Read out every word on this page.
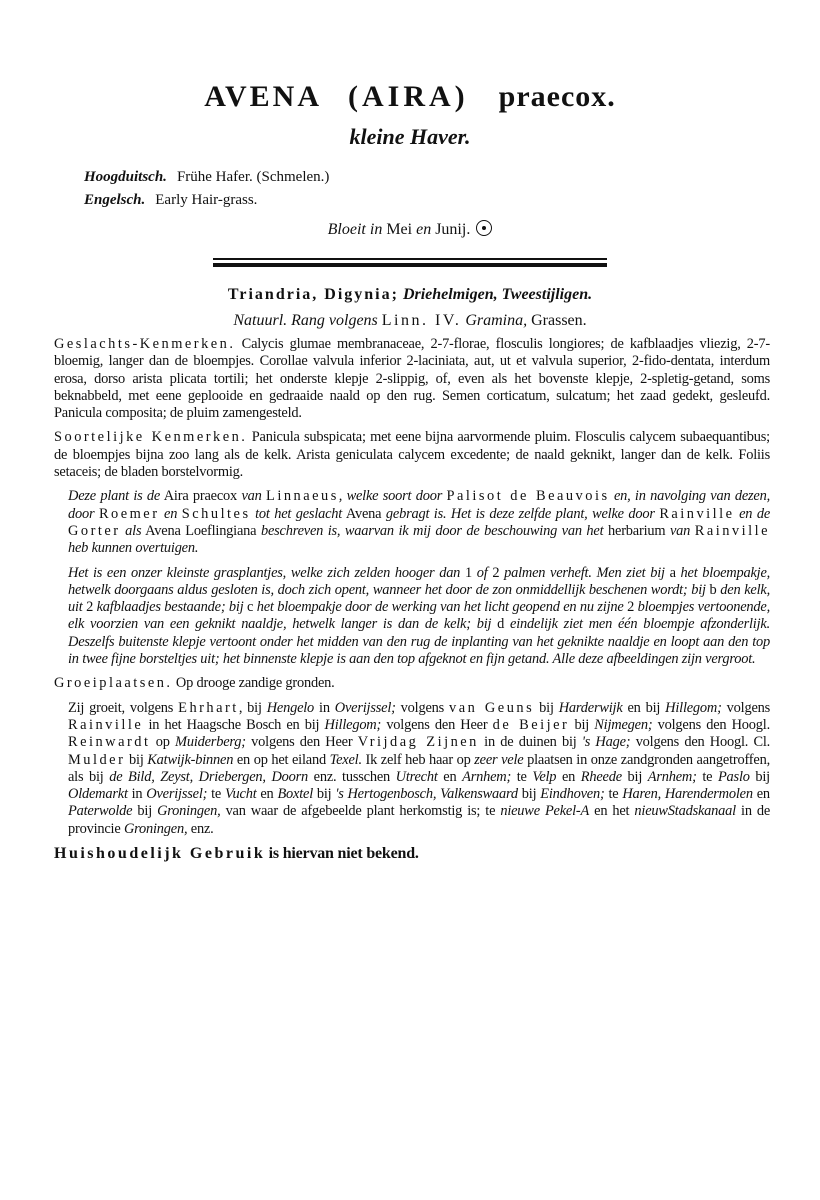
AVENA (AIRA) praecox.
kleine Haver.
Hoogduitsch. Frühe Hafer. (Schmelen.)
Engelsch. Early Hair-grass.
Bloeit in Mei en Junij.
Triandria, Digynia; Driehelmigen, Tweestijligen.
Natuurl. Rang volgens Linn. IV. Gramina, Grassen.

Geslachts-Kenmerken. Calycis glumae membranaceae, 2-7-florae, flosculis longiores; de kafblaadjes vliezig, 2-7-bloemig, langer dan de bloempjes. Corollae valvula inferior 2-laciniata, aut, ut et valvula superior, 2-fido-dentata, interdum erosa, dorso arista plicata tortili; het onderste klepje 2-slippig, of, even als het bovenste klepje, 2-spletig-getand, soms beknabbeld, met eene geplooide en gedraaide naald op den rug. Semen corticatum, sulcatum; het zaad gedekt, gesleufd. Panicula composita; de pluim zamengesteld.

Soortelijke Kenmerken. Panicula subspicata; met eene bijna aarvormende pluim. Flosculis calycem subaequantibus; de bloempjes bijna zoo lang als de kelk. Arista geniculata calycem excedente; de naald geknikt, langer dan de kelk. Foliis setaceis; de bladen borstelvormig.

Deze plant is de Aira praecox van Linnaeus, welke soort door Palisot de Beauvois en, in navolging van dezen, door Roemer en Schultes tot het geslacht Avena gebragt is. Het is deze zelfde plant, welke door Rainville en de Gorter als Avena Loeflingiana beschreven is, waarvan ik mij door de beschouwing van het herbarium van Rainville heb kunnen overtuigen.

Het is een onzer kleinste grasplantjes, welke zich zelden hooger dan 1 of 2 palmen verheft. Men ziet bij a het bloempakje, hetwelk doorgaans aldus gesloten is, doch zich opent, wanneer het door de zon onmiddellijk beschenen wordt; bij b den kelk, uit 2 kafblaadjes bestaande; bij c het bloempakje door de werking van het licht geopend en nu zijne 2 bloempjes vertoonende, elk voorzien van een geknikt naaldje, hetwelk langer is dan de kelk; bij d eindelijk ziet men één bloempje afzonderlijk. Deszelfs buitenste klepje vertoont onder het midden van den rug de inplanting van het geknikte naaldje en loopt aan den top in twee fijne borsteltjes uit; het binnenste klepje is aan den top afgeknot en fijn getand. Alle deze afbeeldingen zijn vergroot.

Groeiplaatsen. Op drooge zandige gronden.

Zij groeit, volgens Ehrhart, bij Hengelo in Overijssel; volgens van Geuns bij Harderwijk en bij Hillegom; volgens Rainville in het Haagsche Bosch en bij Hillegom; volgens den Heer de Beijer bij Nijmegen; volgens den Hoogl. Reinwardt op Muiderberg; volgens den Heer Vrijdag Zijnen in de duinen bij 's Hage; volgens den Hoogl. Cl. Mulder bij Katwijk-binnen en op het eiland Texel. Ik zelf heb haar op zeer vele plaatsen in onze zandgronden aangetroffen, als bij de Bild, Zeyst, Driebergen, Doorn enz. tusschen Utrecht en Arnhem; te Velp en Rheede bij Arnhem; te Paslo bij Oldemarkt in Overijssel; te Vucht en Boxtel bij 's Hertogenbosch, Valkenswaard bij Eindhoven; te Haren, Harendermolen en Paterwolde bij Groningen, van waar de afgebeelde plant herkomstig is; te nieuwe Pekel-A en het nieuwStadskanaal in de provincie Groningen, enz.

Huishoudelijk Gebruik is hiervan niet bekend.
